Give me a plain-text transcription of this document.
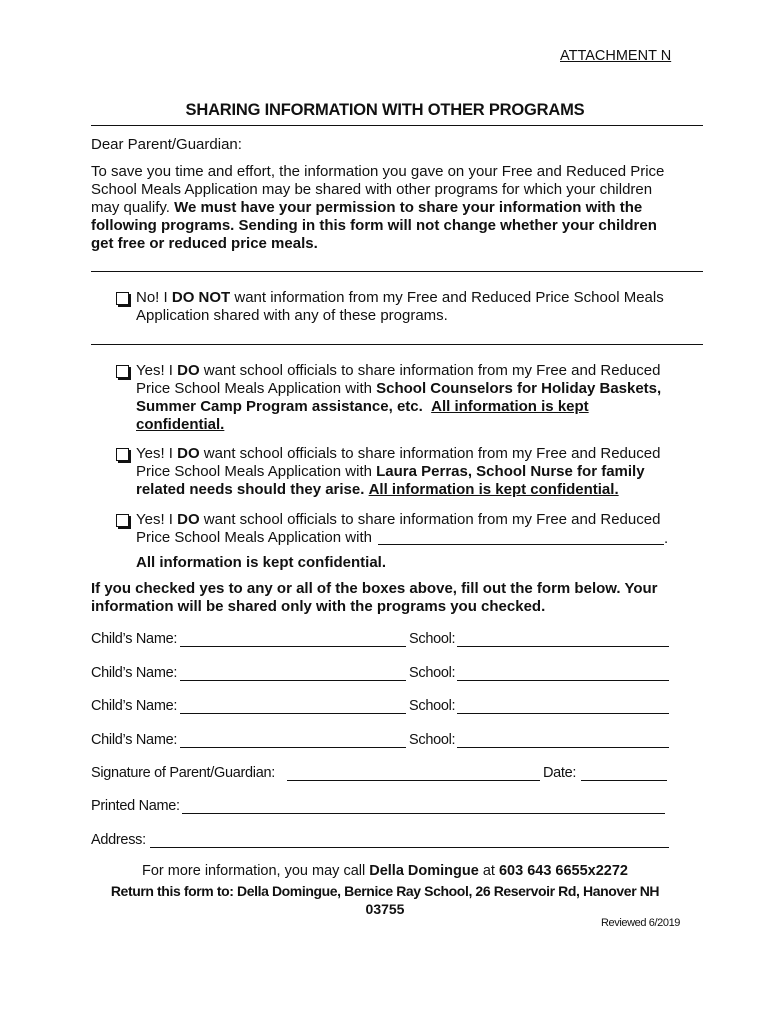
ATTACHMENT N
SHARING INFORMATION WITH OTHER PROGRAMS
Dear Parent/Guardian:
To save you time and effort, the information you gave on your Free and Reduced Price School Meals Application may be shared with other programs for which your children may qualify. We must have your permission to share your information with the following programs. Sending in this form will not change whether your children get free or reduced price meals.
No! I DO NOT want information from my Free and Reduced Price School Meals Application shared with any of these programs.
Yes! I DO want school officials to share information from my Free and Reduced Price School Meals Application with School Counselors for Holiday Baskets, Summer Camp Program assistance, etc. All information is kept confidential.
Yes! I DO want school officials to share information from my Free and Reduced Price School Meals Application with Laura Perras, School Nurse for family related needs should they arise. All information is kept confidential.
Yes! I DO want school officials to share information from my Free and Reduced Price School Meals Application with	.
All information is kept confidential.
If you checked yes to any or all of the boxes above, fill out the form below. Your information will be shared only with the programs you checked.
Child’s Name:	School:
Child’s Name:	School:
Child’s Name:	School:
Child’s Name:	School:
Signature of Parent/Guardian:	Date:
Printed Name:
Address:
For more information, you may call Della Domingue at 603 643 6655x2272
Return this form to: Della Domingue, Bernice Ray School, 26 Reservoir Rd, Hanover NH
03755
Reviewed 6/2019
